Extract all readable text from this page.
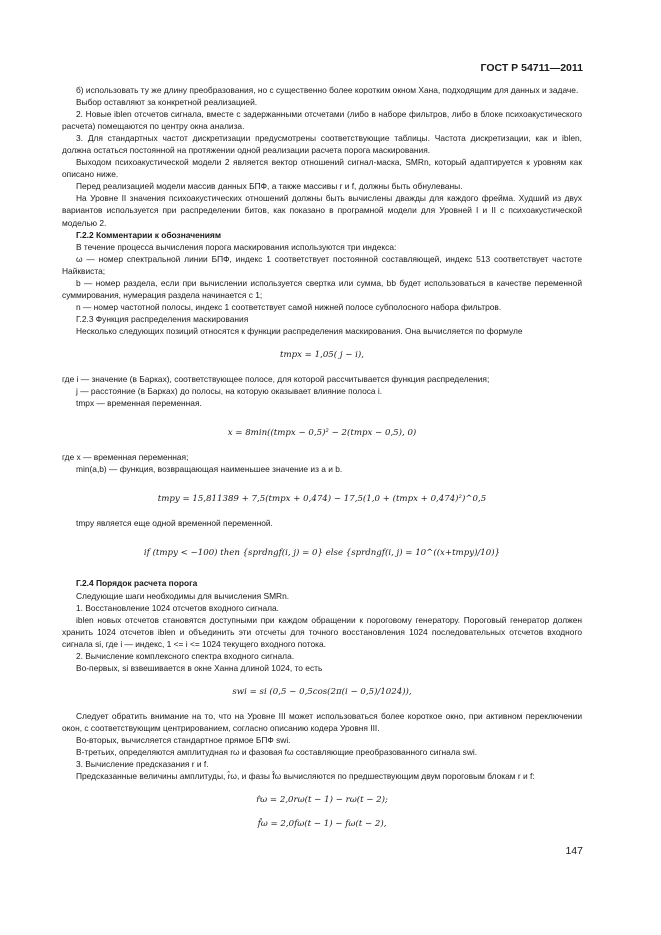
ГОСТ Р 54711—2011

б) использовать ту же длину преобразования, но с существенно более коротким окном Хана, подходящим для данных и задаче.

Выбор оставляют за конкретной реализацией.

2. Новые iblen отсчетов сигнала, вместе с задержанными отсчетами (либо в наборе фильтров, либо в блоке психоакустического расчета) помещаются по центру окна анализа.

3. Для стандартных частот дискретизации предусмотрены соответствующие таблицы. Частота дискретизации, как и iblen, должна остаться постоянной на протяжении одной реализации расчета порога маскирования.

Выходом психоакустической модели 2 является вектор отношений сигнал-маска, SMRn, который адаптируется к уровням как описано ниже.

Перед реализацией модели массив данных БПФ, а также массивы r и f, должны быть обнулеваны.

На Уровне II значения психоакустических отношений должны быть вычислены дважды для каждого фрейма. Худший из двух вариантов используется при распределении битов, как показано в програмной модели для Уровней I и II с психоакустической моделью 2.

Г.2.2 Комментарии к обозначениям

В течение процесса вычисления порога маскирования используются три индекса:

ω — номер спектральной линии БПФ, индекс 1 соответствует постоянной составляющей, индекс 513 соответствует частоте Найквиста;

b — номер раздела, если при вычислении используется свертка или сумма, bb будет использоваться в качестве переменной суммирования, нумерация раздела начинается с 1;

n — номер частотной полосы, индекс 1 соответствует самой нижней полосе субполосного набора фильтров.

Г.2.3 Функция распределения маскирования

Несколько следующих позиций относятся к функции распределения маскирования. Она вычисляется по формуле

tmpx = 1,05( j − i),

где i — значение (в Барках), соответствующее полосе, для которой рассчитывается функция распределения;

j — расстояние (в Барках) до полосы, на которую оказывает влияние полоса i.

tmpx — временная переменная.

x = 8min((tmpx − 0,5)² − 2(tmpx − 0,5), 0)

где x — временная переменная;

min(a,b) — функция, возвращающая наименьшее значение из a и b.

tmpy = 15,811389 + 7,5(tmpx + 0,474) − 17,5(1,0 + (tmpx + 0,474)²)^0,5

tmpy является еще одной временной переменной.

if (tmpy < −100) then {sprdngf(i, j) = 0} else {sprdngf(i, j) = 10^((x+tmpy)/10)}

Г.2.4 Порядок расчета порога

Следующие шаги необходимы для вычисления SMRn.

1. Восстановление 1024 отсчетов входного сигнала.

iblen новых отсчетов становятся доступными при каждом обращении к пороговому генератору. Пороговый генератор должен хранить 1024 отсчетов iblen и объединить эти отсчеты для точного восстановления 1024 последовательных отсчетов входного сигнала si, где i — индекс, 1 <= i <= 1024 текущего входного потока.

2. Вычисление комплексного спектра входного сигнала.

Во-первых, si взвешивается в окне Ханна длиной 1024, то есть

swi = si (0,5 − 0,5cos(2π(i − 0,5)/1024)),

Следует обратить внимание на то, что на Уровне III может использоваться более короткое окно, при активном переключении окон, с соответствующим центрированием, согласно описанию кодера Уровня III.

Во-вторых, вычисляется стандартное прямое БПФ swi.

В-третьих, определяются амплитудная rω и фазовая fω составляющие преобразованного сигнала swi.

3. Вычисление предсказания r и f.

Предсказанные величины амплитуды, r̂ω, и фазы f̂ω вычисляются по предшествующим двум пороговым блокам r и f:

r̂ω = 2,0rω(t − 1) − rω(t − 2);

f̂ω = 2,0fω(t − 1) − fω(t − 2),

147
